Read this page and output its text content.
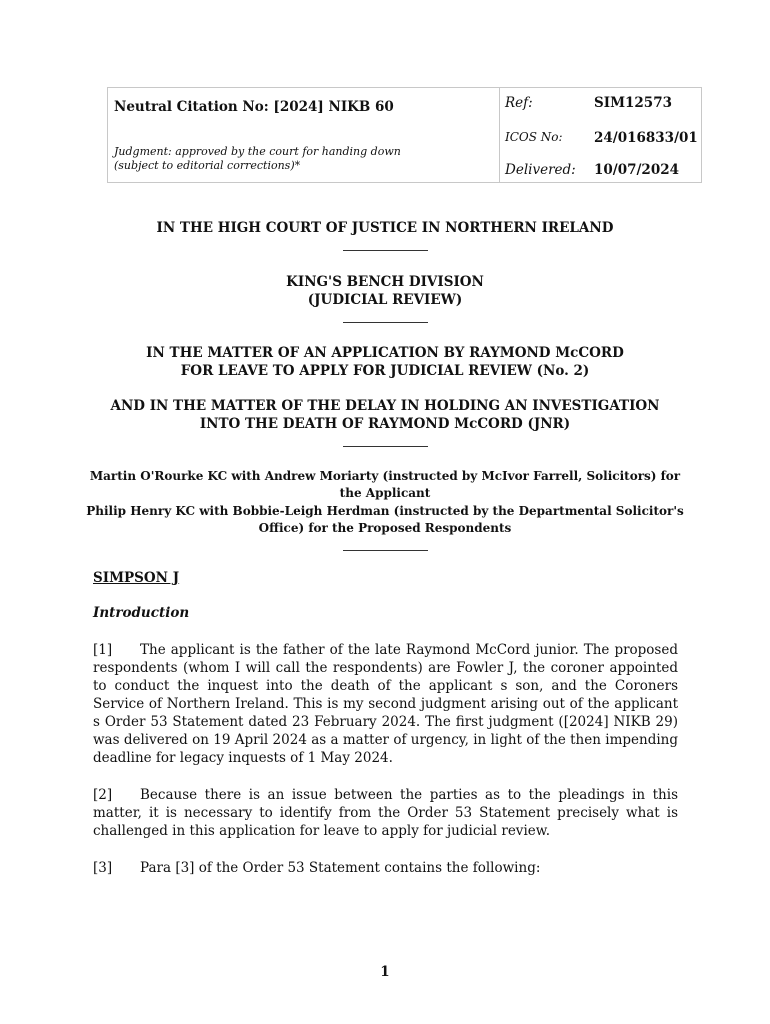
Neutral Citation No: [2024] NIKB 60
Judgment: approved by the court for handing down
(subject to editorial corrections)*
Ref:	SIM12573
ICOS No: 24/016833/01
Delivered: 10/07/2024
IN THE HIGH COURT OF JUSTICE IN NORTHERN IRELAND
KING'S BENCH DIVISION
(JUDICIAL REVIEW)
IN THE MATTER OF AN APPLICATION BY RAYMOND McCORD
FOR LEAVE TO APPLY FOR JUDICIAL REVIEW (No. 2)
AND IN THE MATTER OF THE DELAY IN HOLDING AN INVESTIGATION
INTO THE DEATH OF RAYMOND McCORD (JNR)
Martin O'Rourke KC with Andrew Moriarty (instructed by McIvor Farrell, Solicitors) for
the Applicant
Philip Henry KC with Bobbie-Leigh Herdman (instructed by the Departmental Solicitor's
Office) for the Proposed Respondents
SIMPSON J
Introduction
[1] The applicant is the father of the late Raymond McCord junior. The proposed respondents (whom I will call the respondents) are Fowler J, the coroner appointed to conduct the inquest into the death of the applicant s son, and the Coroners Service of Northern Ireland. This is my second judgment arising out of the applicant s Order 53 Statement dated 23 February 2024. The first judgment ([2024] NIKB 29) was delivered on 19 April 2024 as a matter of urgency, in light of the then impending deadline for legacy inquests of 1 May 2024.
[2] Because there is an issue between the parties as to the pleadings in this matter, it is necessary to identify from the Order 53 Statement precisely what is challenged in this application for leave to apply for judicial review.
[3] Para [3] of the Order 53 Statement contains the following:
1
